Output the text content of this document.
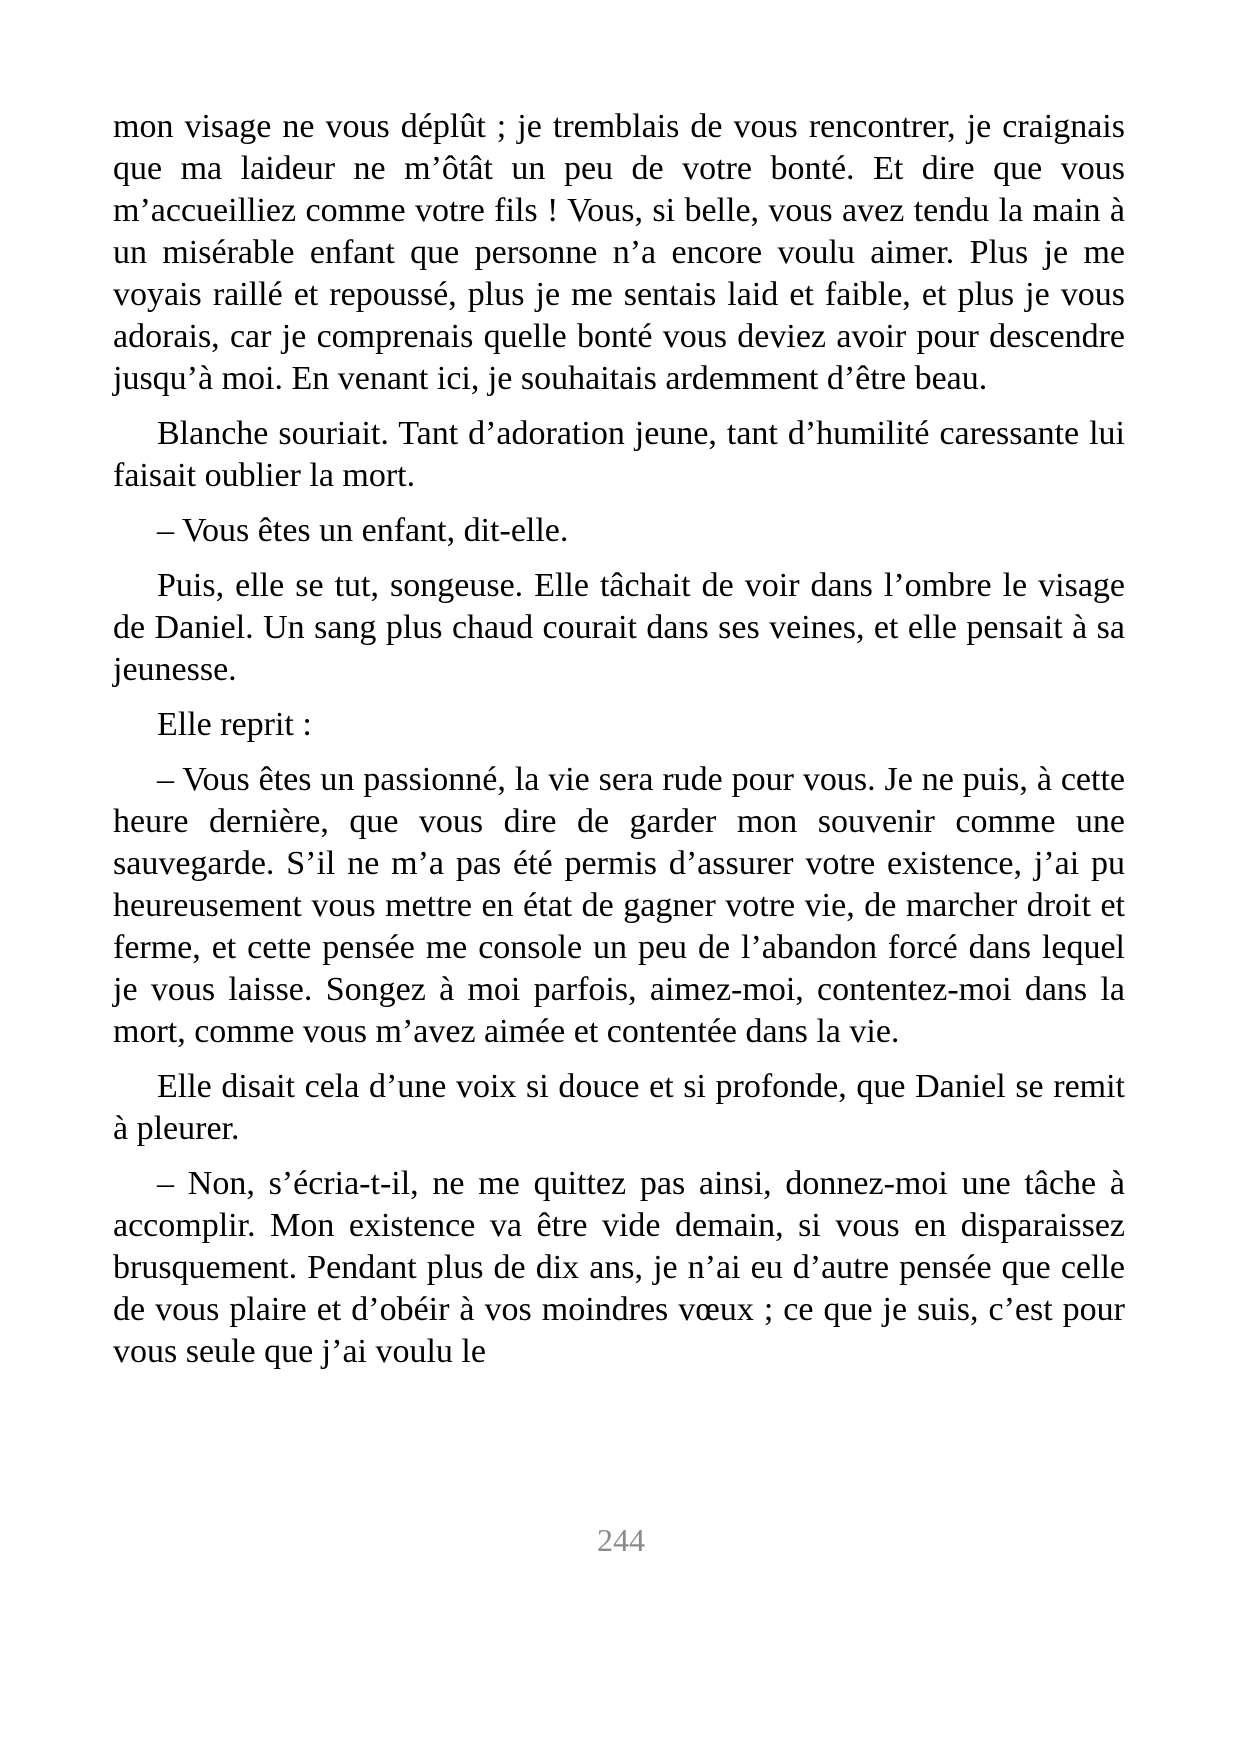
mon visage ne vous déplût ; je tremblais de vous rencontrer, je craignais que ma laideur ne m’ôtât un peu de votre bonté. Et dire que vous m’accueilliez comme votre fils ! Vous, si belle, vous avez tendu la main à un misérable enfant que personne n’a encore voulu aimer. Plus je me voyais raillé et repoussé, plus je me sentais laid et faible, et plus je vous adorais, car je comprenais quelle bonté vous deviez avoir pour descendre jusqu’à moi. En venant ici, je souhaitais ardemment d’être beau.

Blanche souriait. Tant d’adoration jeune, tant d’humilité caressante lui faisait oublier la mort.

– Vous êtes un enfant, dit-elle.

Puis, elle se tut, songeuse. Elle tâchait de voir dans l’ombre le visage de Daniel. Un sang plus chaud courait dans ses veines, et elle pensait à sa jeunesse.

Elle reprit :

– Vous êtes un passionné, la vie sera rude pour vous. Je ne puis, à cette heure dernière, que vous dire de garder mon souvenir comme une sauvegarde. S’il ne m’a pas été permis d’assurer votre existence, j’ai pu heureusement vous mettre en état de gagner votre vie, de marcher droit et ferme, et cette pensée me console un peu de l’abandon forcé dans lequel je vous laisse. Songez à moi parfois, aimez-moi, contentez-moi dans la mort, comme vous m’avez aimée et contentée dans la vie.

Elle disait cela d’une voix si douce et si profonde, que Daniel se remit à pleurer.

– Non, s’écria-t-il, ne me quittez pas ainsi, donnez-moi une tâche à accomplir. Mon existence va être vide demain, si vous en disparaissez brusquement. Pendant plus de dix ans, je n’ai eu d’autre pensée que celle de vous plaire et d’obéir à vos moindres vœux ; ce que je suis, c’est pour vous seule que j’ai voulu le

244
